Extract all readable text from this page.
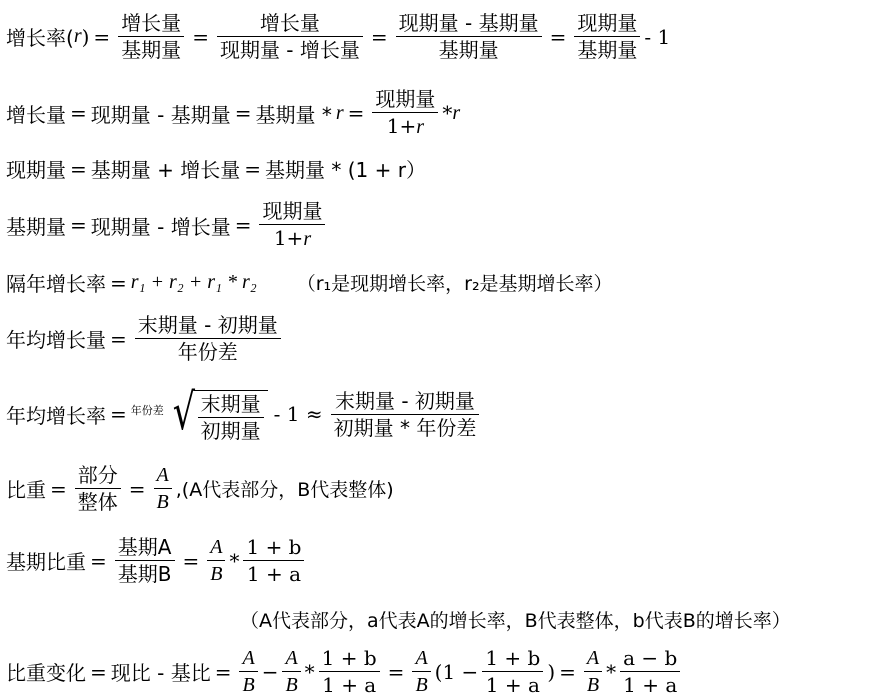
增长率( r ) = $\frac{\text{增长量}}{\text{基期量}} = \frac{\text{增长量}}{\text{现期量 - 增长量}} = \frac{\text{现期量 - 基期量}}{\text{基期量}} = \frac{\text{现期量}}{\text{基期量}} - 1$
增长量 = 现期量 - 基期量 = 基期量 * $r = \frac{\text{现期量}}{1+r} * r$
现期量 = 基期量 + 增长量 = 基期量 * (1 + r）
基期量 = 现期量 - 增长量 = $\frac{\text{现期量}}{1+r}$
隔年增长率 = r₁ + r₂ + r₁ * r₂ （r₁是现期增长率，r₂是基期增长率）
年均增长量 = $\frac{\text{末期量 - 初期量}}{\text{年份差}}$
年均增长率 = 年份差 √ $\frac{\text{末期量}}{\text{初期量}} - 1 \approx \frac{\text{末期量 - 初期量}}{\text{初期量 * 年份差}}$
比重 = $\frac{\text{部分}}{\text{整体}} = \frac{A}{B} ,(A$代表部分，B代表整体)
基期比重 = $\frac{\text{基期A}}{\text{基期B}} = \frac{A}{B} * \frac{1 + b}{1 + a}$
（A代表部分，a代表A的增长率，B代表整体，b代表B的增长率）
比重变化 = 现比 - 基比 = $\frac{A}{B} - \frac{A}{B} * \frac{1 + b}{1 + a} = \frac{A}{B} (1 - \frac{1 + b}{1 + a}$ ) = $\frac{A}{B} * \frac{a - b}{1 + a}$
